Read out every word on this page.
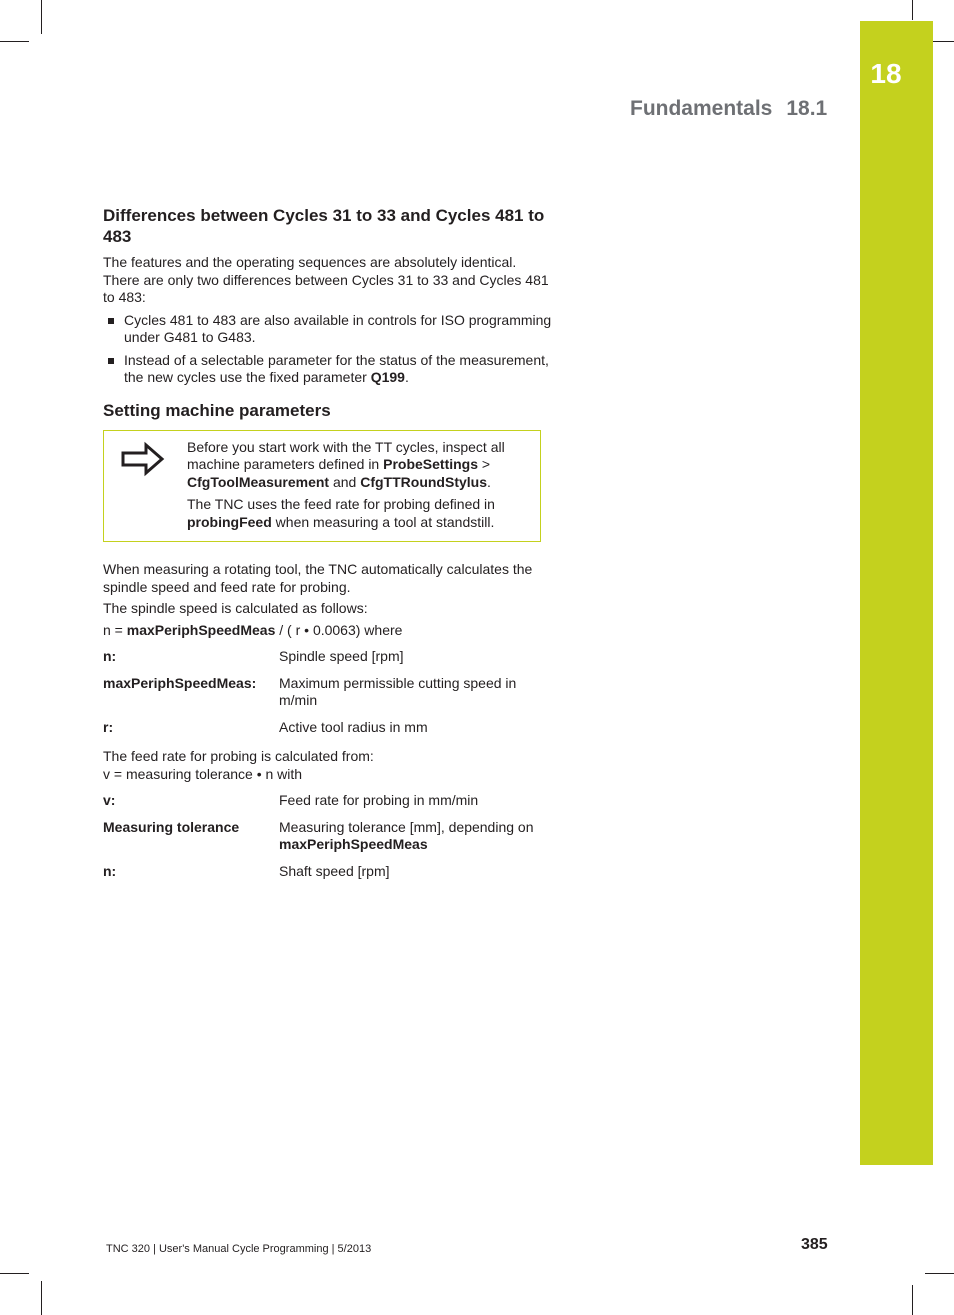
18
Fundamentals 18.1
Differences between Cycles 31 to 33 and Cycles 481 to 483

The features and the operating sequences are absolutely identical. There are only two differences between Cycles 31 to 33 and Cycles 481 to 483:

Cycles 481 to 483 are also available in controls for ISO programming under G481 to G483.
Instead of a selectable parameter for the status of the measurement, the new cycles use the fixed parameter Q199.
Setting machine parameters

Before you start work with the TT cycles, inspect all machine parameters defined in ProbeSettings > CfgToolMeasurement and CfgTTRoundStylus.

The TNC uses the feed rate for probing defined in probingFeed when measuring a tool at standstill.

When measuring a rotating tool, the TNC automatically calculates the spindle speed and feed rate for probing.

The spindle speed is calculated as follows:

n = maxPeriphSpeedMeas / ( r • 0.0063) where

n:	Spindle speed [rpm]
maxPeriphSpeedMeas:	Maximum permissible cutting speed in m/min
r:	Active tool radius in mm

The feed rate for probing is calculated from:

v = measuring tolerance • n with

v:	Feed rate for probing in mm/min
Measuring tolerance	Measuring tolerance [mm], depending on maxPeriphSpeedMeas
n:	Shaft speed [rpm]
TNC 320 | User's Manual Cycle Programming | 5/2013	385
